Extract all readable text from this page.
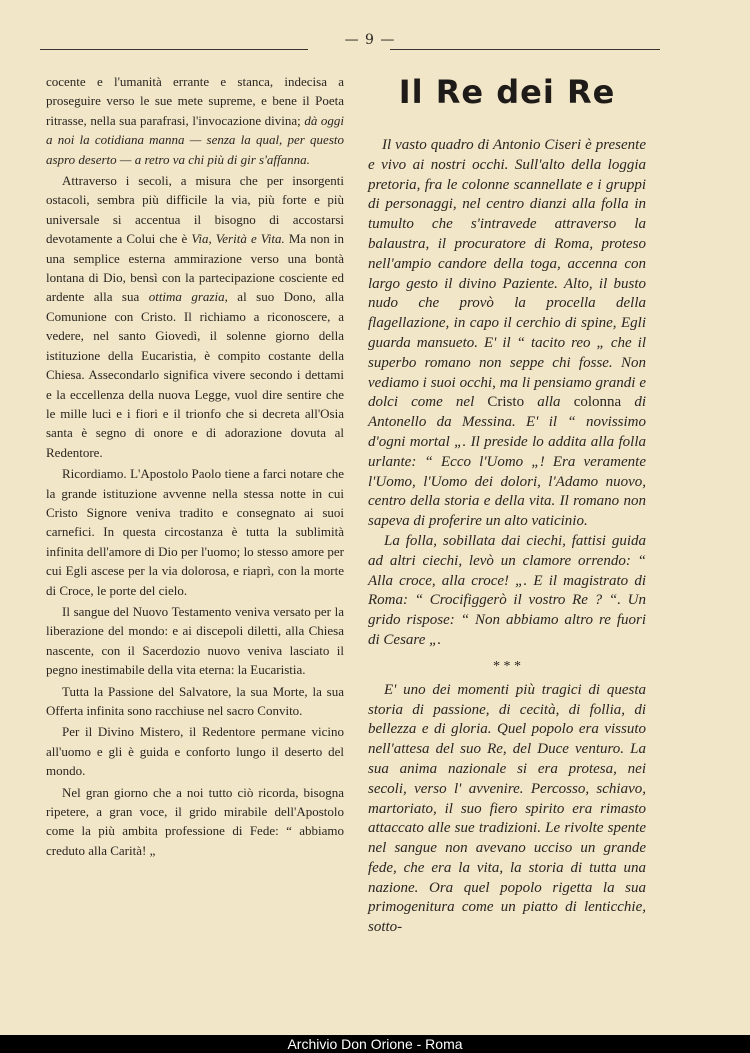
— 9 —

cocente e l'umanità errante e stanca, indecisa a proseguire verso le sue mete supreme, e bene il Poeta ritrasse, nella sua parafrasi, l'invocazione divina; dà oggi a noi la cotidiana manna — senza la qual, per questo aspro deserto — a retro va chi più di gir s'affanna.

Attraverso i secoli, a misura che per insorgenti ostacoli, sembra più difficile la via, più forte e più universale si accentua il bisogno di accostarsi devotamente a Colui che è Via, Verità e Vita. Ma non in una semplice esterna ammirazione verso una bontà lontana di Dio, bensì con la partecipazione cosciente ed ardente alla sua ottima grazia, al suo Dono, alla Comunione con Cristo. Il richiamo a riconoscere, a vedere, nel santo Giovedì, il solenne giorno della istituzione della Eucaristia, è compito costante della Chiesa. Assecondarlo significa vivere secondo i dettami e la eccellenza della nuova Legge, vuol dire sentire che le mille luci e i fiori e il trionfo che si decreta all'Osia santa è segno di onore e di adorazione dovuta al Redentore.

Ricordiamo. L'Apostolo Paolo tiene a farci notare che la grande istituzione avvenne nella stessa notte in cui Cristo Signore veniva tradito e consegnato ai suoi carnefici. In questa circostanza è tutta la sublimità infinita dell'amore di Dio per l'uomo; lo stesso amore per cui Egli ascese per la via dolorosa, e riaprì, con la morte di Croce, le porte del cielo.

Il sangue del Nuovo Testamento veniva versato per la liberazione del mondo: e ai discepoli diletti, alla Chiesa nascente, con il Sacerdozio nuovo veniva lasciato il pegno inestimabile della vita eterna: la Eucaristia.

Tutta la Passione del Salvatore, la sua Morte, la sua Offerta infinita sono racchiuse nel sacro Convito.

Per il Divino Mistero, il Redentore permane vicino all'uomo e gli è guida e conforto lungo il deserto del mondo.

Nel gran giorno che a noi tutto ciò ricorda, bisogna ripetere, a gran voce, il grido mirabile dell'Apostolo come la più ambita professione di Fede: “ abbiamo creduto alla Carità! „

Il Re dei Re

Il vasto quadro di Antonio Ciseri è presente e vivo ai nostri occhi. Sull'alto della loggia pretoria, fra le colonne scannellate e i gruppi di personaggi, nel centro dianzi alla folla in tumulto che s'intravede attraverso la balaustra, il procuratore di Roma, proteso nell'ampio candore della toga, accenna con largo gesto il divino Paziente. Alto, il busto nudo che provò la procella della flagellazione, in capo il cerchio di spine, Egli guarda mansueto. E' il “ tacito reo „ che il superbo romano non seppe chi fosse. Non vediamo i suoi occhi, ma li pensiamo grandi e dolci come nel Cristo alla colonna di Antonello da Messina. E' il “ novissimo d'ogni mortal „. Il preside lo addita alla folla urlante: “ Ecco l'Uomo „! Era veramente l'Uomo, l'Uomo dei dolori, l'Adamo nuovo, centro della storia e della vita. Il romano non sapeva di proferire un alto vaticinio.

La folla, sobillata dai ciechi, fattisi guida ad altri ciechi, levò un clamore orrendo: “ Alla croce, alla croce! „. E il magistrato di Roma: “ Crocifiggerò il vostro Re ? “. Un grido rispose: “ Non abbiamo altro re fuori di Cesare „.

* * *

E' uno dei momenti più tragici di questa storia di passione, di cecità, di follia, di bellezza e di gloria. Quel popolo era vissuto nell'attesa del suo Re, del Duce venturo. La sua anima nazionale si era protesa, nei secoli, verso l' avvenire. Percosso, schiavo, martoriato, il suo fiero spirito era rimasto attaccato alle sue tradizioni. Le rivolte spente nel sangue non avevano ucciso un grande fede, che era la vita, la storia di tutta una nazione. Ora quel popolo rigetta la sua primogenitura come un piatto di lenticchie, sotto-

Archivio Don Orione - Roma
